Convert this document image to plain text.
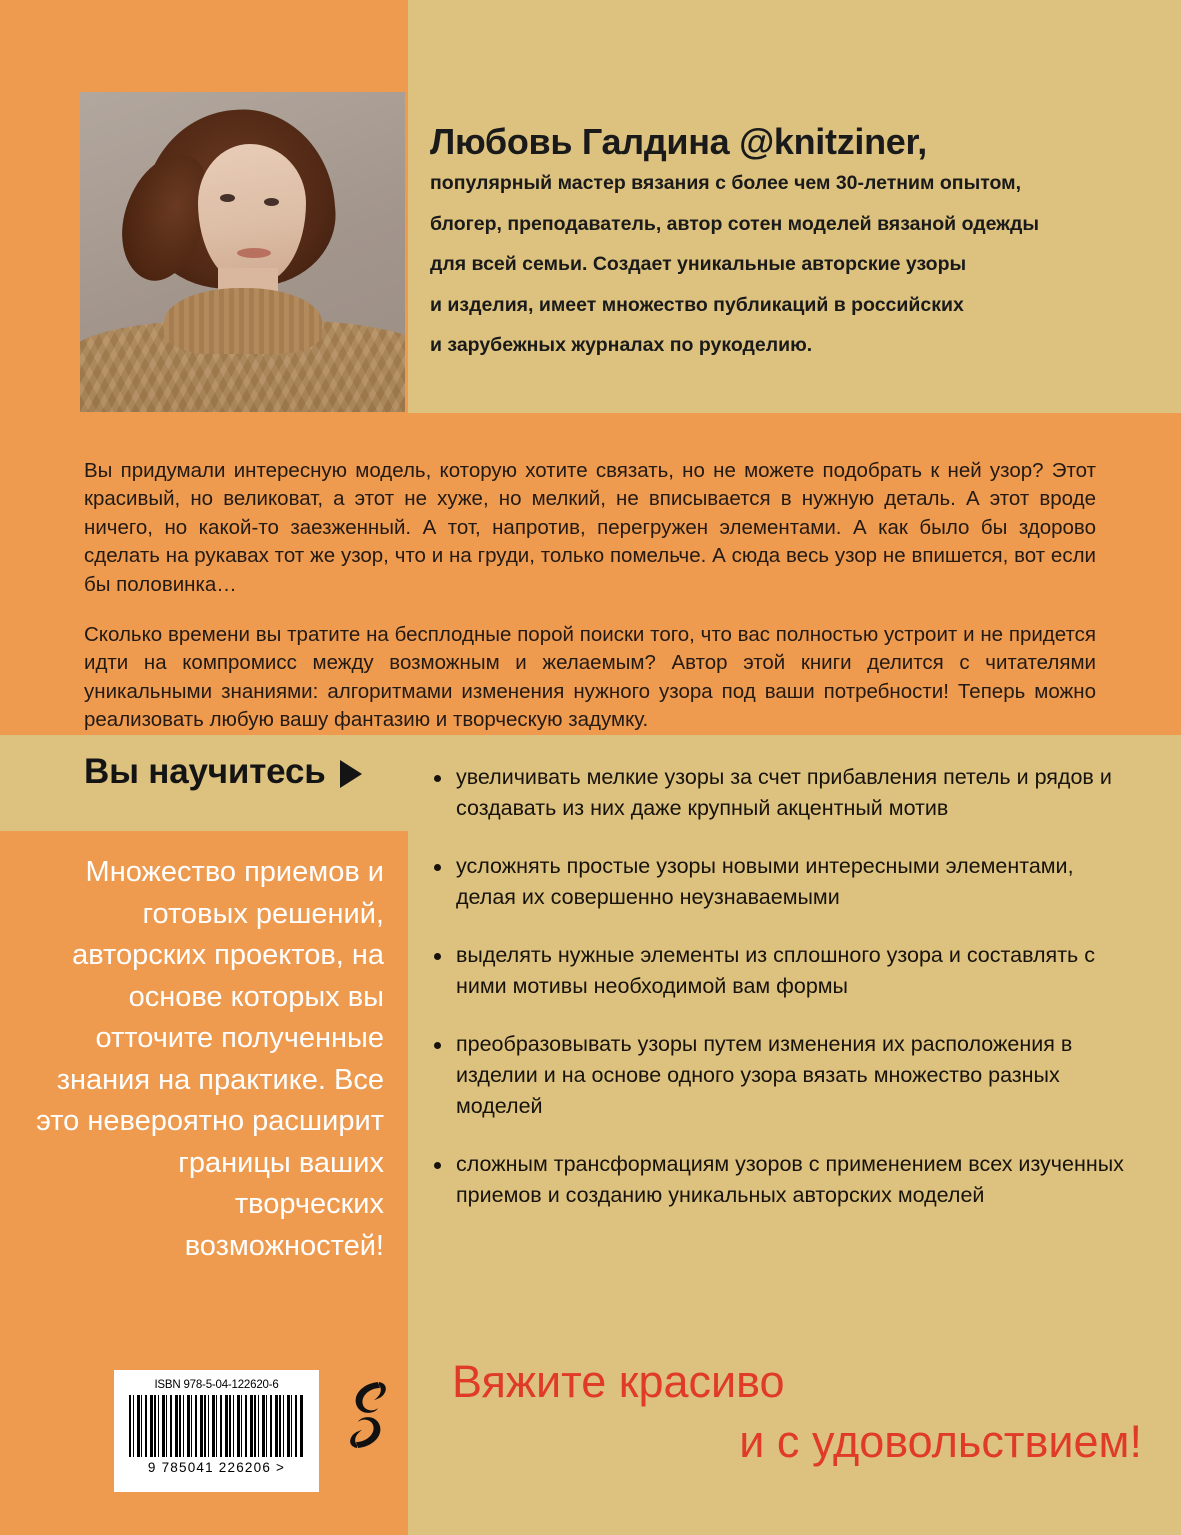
Любовь Галдина @knitziner,
популярный мастер вязания с более чем 30-летним опытом,
блогер, преподаватель, автор сотен моделей вязаной одежды
для всей семьи. Создает уникальные авторские узоры
и изделия, имеет множество публикаций в российских
и зарубежных журналах по рукоделию.

Вы придумали интересную модель, которую хотите связать, но не можете подобрать к ней узор? Этот красивый, но великоват, а этот не хуже, но мелкий, не вписывается в нужную деталь. А этот вроде ничего, но какой-то заезженный. А тот, напротив, перегружен элементами. А как было бы здорово сделать на рукавах тот же узор, что и на груди, только помельче. А сюда весь узор не впишется, вот если бы половинка…

Сколько времени вы тратите на бесплодные порой поиски того, что вас полностью устроит и не придется идти на компромисс между возможным и желаемым? Автор этой книги делится с читателями уникальными знаниями: алгоритмами изменения нужного узора под ваши потребности! Теперь можно реализовать любую вашу фантазию и творческую задумку.

Вы научитесь	увеличивать мелкие узоры за счет прибавления петель и рядов и создавать из них даже крупный акцентный мотив
усложнять простые узоры новыми интересными элементами, делая их совершенно неузнаваемыми
выделять нужные элементы из сплошного узора и составлять с ними мотивы необходимой вам формы
преобразовывать узоры путем изменения их расположения в изделии и на основе одного узора вязать множество разных моделей
сложным трансформациям узоров с применением всех изученных приемов и созданию уникальных авторских моделей
Множество приемов и готовых решений, авторских проектов, на основе которых вы отточите полученные знания на практике. Все это невероятно расширит границы ваших творческих возможностей!
ISBN 978-5-04-122620-6
9 785041 226206 >
Вяжите красиво
и с удовольствием!
